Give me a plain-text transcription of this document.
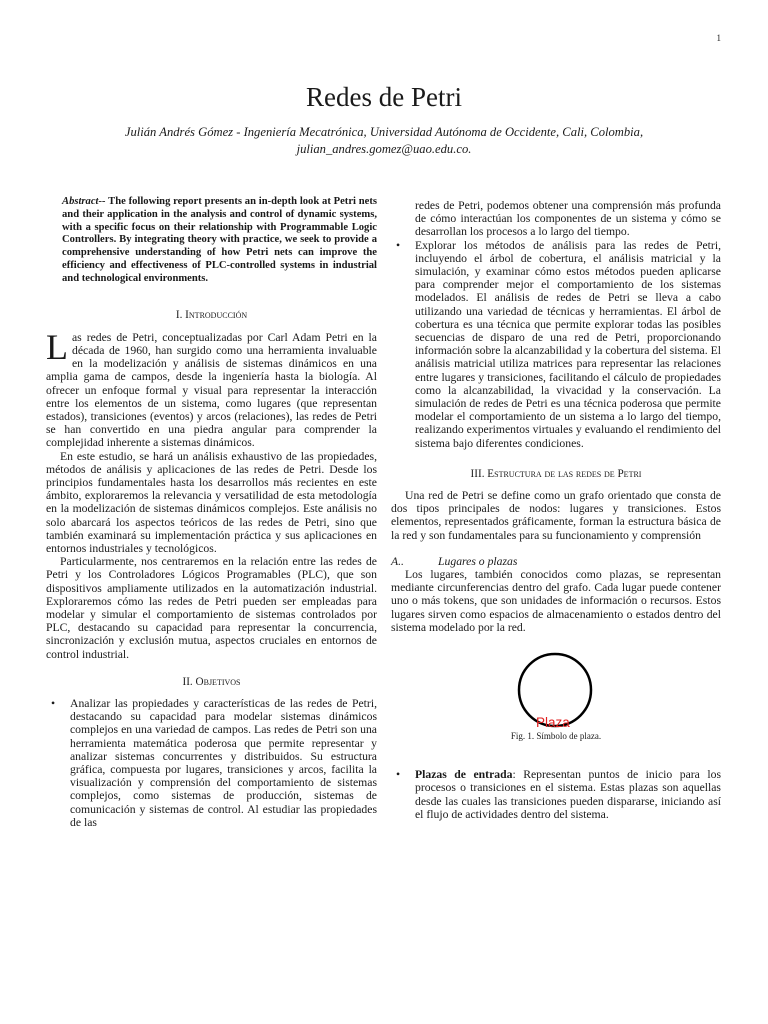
1
Redes de Petri
Julián Andrés Gómez - Ingeniería Mecatrónica, Universidad Autónoma de Occidente, Cali, Colombia,
julian_andres.gomez@uao.edu.co.

Abstract-- The following report presents an in-depth look at Petri nets and their application in the analysis and control of dynamic systems, with a specific focus on their relationship with Programmable Logic Controllers. By integrating theory with practice, we seek to provide a comprehensive understanding of how Petri nets can improve the efficiency and effectiveness of PLC-controlled systems in industrial and technological environments.

I. Introducción

Las redes de Petri, conceptualizadas por Carl Adam Petri en la década de 1960, han surgido como una herramienta invaluable en la modelización y análisis de sistemas dinámicos en una amplia gama de campos, desde la ingeniería hasta la biología. Al ofrecer un enfoque formal y visual para representar la interacción entre los elementos de un sistema, como lugares (que representan estados), transiciones (eventos) y arcos (relaciones), las redes de Petri se han convertido en una piedra angular para comprender la complejidad inherente a sistemas dinámicos.

En este estudio, se hará un análisis exhaustivo de las propiedades, métodos de análisis y aplicaciones de las redes de Petri. Desde los principios fundamentales hasta los desarrollos más recientes en este ámbito, exploraremos la relevancia y versatilidad de esta metodología en la modelización de sistemas dinámicos complejos. Este análisis no solo abarcará los aspectos teóricos de las redes de Petri, sino que también examinará su implementación práctica y sus aplicaciones en entornos industriales y tecnológicos.

Particularmente, nos centraremos en la relación entre las redes de Petri y los Controladores Lógicos Programables (PLC), que son dispositivos ampliamente utilizados en la automatización industrial. Exploraremos cómo las redes de Petri pueden ser empleadas para modelar y simular el comportamiento de sistemas controlados por PLC, destacando su capacidad para representar la concurrencia, sincronización y exclusión mutua, aspectos cruciales en entornos de control industrial.

II. Objetivos

•	Analizar las propiedades y características de las redes de Petri, destacando su capacidad para modelar sistemas dinámicos complejos en una variedad de campos. Las redes de Petri son una herramienta matemática poderosa que permite representar y analizar sistemas concurrentes y distribuidos. Su estructura gráfica, compuesta por lugares, transiciones y arcos, facilita la visualización y comprensión del comportamiento de sistemas complejos, como sistemas de producción, sistemas de comunicación y sistemas de control. Al estudiar las propiedades de las
redes de Petri, podemos obtener una comprensión más profunda de cómo interactúan los componentes de un sistema y cómo se desarrollan los procesos a lo largo del tiempo.
•	Explorar los métodos de análisis para las redes de Petri, incluyendo el árbol de cobertura, el análisis matricial y la simulación, y examinar cómo estos métodos pueden aplicarse para comprender mejor el comportamiento de los sistemas modelados. El análisis de redes de Petri se lleva a cabo utilizando una variedad de técnicas y herramientas. El árbol de cobertura es una técnica que permite explorar todas las posibles secuencias de disparo de una red de Petri, proporcionando información sobre la alcanzabilidad y la cobertura del sistema. El análisis matricial utiliza matrices para representar las relaciones entre lugares y transiciones, facilitando el cálculo de propiedades como la alcanzabilidad, la vivacidad y la conservación. La simulación de redes de Petri es una técnica poderosa que permite modelar el comportamiento de un sistema a lo largo del tiempo, realizando experimentos virtuales y evaluando el rendimiento del sistema bajo diferentes condiciones.

III. Estructura de las redes de Petri

Una red de Petri se define como un grafo orientado que consta de dos tipos principales de nodos: lugares y transiciones. Estos elementos, representados gráficamente, forman la estructura básica de la red y son fundamentales para su funcionamiento y comprensión

A..	Lugares o plazas

Los lugares, también conocidos como plazas, se representan mediante circunferencias dentro del grafo. Cada lugar puede contener uno o más tokens, que son unidades de información o recursos. Estos lugares sirven como espacios de almacenamiento o estados dentro del sistema modelado por la red.

Plaza
Fig. 1. Símbolo de plaza.
•	Plazas de entrada: Representan puntos de inicio para los procesos o transiciones en el sistema. Estas plazas son aquellas desde las cuales las transiciones pueden dispararse, iniciando así el flujo de actividades dentro del sistema.
